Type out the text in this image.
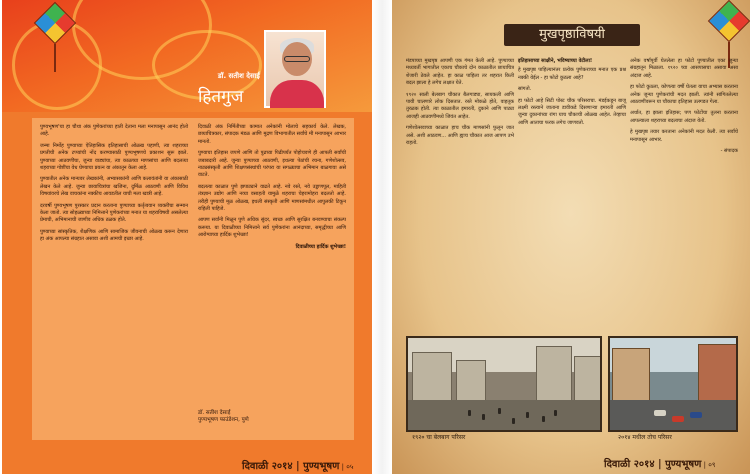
डॉ. सतीश देसाई
हितगुज

पुण्यभूषण'चा हा चौथा अंक पुणेकरांच्या हाती देताना मला मनापासून आनंद होतो आहे.

जन्मा निर्मोह पुण्याच्या ऐतिहासिक इतिहासाची ओळख पहाणी, त्या शहराच्या प्रगतीची अनेक टप्प्यांची नोंद करण्यासाठी पुण्यभूषणचे प्रकाशन सुरू झाले. पुण्याच्या आठवणींचा, जुन्या वाड्यांचा, त्या काळच्या माणसांचा आणि बदलत्या शहराच्या गोष्टींचा वेध घेण्याचा प्रयत्न या अंकातून केला आहे.

पुण्यातील अनेक मान्यवर लेखकांनी, अभ्यासकांनी आणि कलावंतांनी या अंकासाठी लेखन केले आहे. जुन्या छायाचित्रांचा खजिना, दुर्मिळ आठवणी आणि विविध विषयांवरचे लेख वाचकांना नक्कीच आवडतील याची मला खात्री आहे.

दरवर्षी पुण्यभूषण पुरस्कार प्रदान करताना पुण्याच्या कर्तृत्ववान व्यक्तींचा सन्मान केला जातो. त्या सोहळ्याच्या निमित्ताने पुणेकरांच्या मनात या शहराविषयी असलेल्या प्रेमाची, अभिमानाची जाणीव अधिक ठळक होते.

पुण्याच्या सांस्कृतिक, शैक्षणिक आणि सामाजिक जीवनाची ओळख करून देणारा हा अंक आपल्या संग्रहात असावा अशी आमची इच्छा आहे.

दिवाळी अंक निर्मितीच्या कामात अनेकांनी मोलाचे सहकार्य केले. लेखक, छायाचित्रकार, संपादक मंडळ आणि मुद्रण विभागातील सर्वांचे मी मनापासून आभार मानतो.

पुण्याचा इतिहास जपणे आणि तो पुढच्या पिढीपर्यंत पोहोचवणे ही आपली सर्वांची जबाबदारी आहे. जुन्या पुण्याच्या आठवणी, इथल्या पेठांची रचना, गणेशोत्सव, नाट्यसंस्कृती आणि शिक्षणसंस्थांची परंपरा या सगळ्याचा अभिमान बाळगावा असे वाटते.

बदलत्या काळात पुणे झपाट्याने वाढते आहे. नवे रस्ते, नवे उड्डाणपूल, माहिती तंत्रज्ञान उद्योग आणि नव्या वसाहती यामुळे शहराचा चेहरामोहरा बदलतो आहे. तरीही पुण्याची मूळ ओळख, इथली संस्कृती आणि माणसांमधील आपुलकी टिकून राहिली पाहिजे.

आपण सर्वांनी मिळून पुणे अधिक सुंदर, स्वच्छ आणि सुरक्षित बनवण्याचा संकल्प करूया. या दिवाळीच्या निमित्ताने सर्व पुणेकरांना आनंदाच्या, समृद्धीच्या आणि आरोग्याच्या हार्दिक शुभेच्छा!

दिवाळीच्या हार्दिक शुभेच्छा!

डॉ. सतीश देसाई
पुण्यभूषण फाउंडेशन, पुणे
दिवाळी २०१४ | पुण्यभूषण | ०५
मुखपृष्ठाविषयी

मंडपाच्या मुखपृष्ठ आपणी एक गंमत केली आहे. पुण्याच्या मध्यवर्ती भागातील एकाच चौकाचे दोन काळातील छायाचित्र शेजारी ठेवले आहेत. हा काळ पाहिला तर शहरात किती बदल झाला हे लगेच लक्षात येते.

१९२० साली बेलबाग चौकात बैलगाड्या, सायकली आणि पायी चालणारे लोक दिसतात. रस्ते मोकळे होते, वाहतूक तुरळक होती. त्या काळातील इमारती, दुकाने आणि पाट्या आजही आठवणींमध्ये जिवंत आहेत.

गणेशोत्सवाच्या काळात हाच चौक माणसांनी फुलून जात असे. अशी आठवण... आणि ह्याच चौकात आज आपण उभे राहतो.

इतिहासाच्या साक्षीने, भविष्याच्या वेटीला!

हे मुखपृष्ठ पाहिल्यानंतर प्रत्येक पुणेकराच्या मनात एक प्रश्न नक्की येईल - हा फोटो कुठला आहे?

सांगतो.

हा फोटो आहे सिटी पोस्ट चौक परिसराचा. मंडईकडून बाजू लक्ष्मी रस्त्याने जाताना डावीकडे दिसणाऱ्या इमारती आणि जुन्या दुकानांच्या रांगा याच चौकाची ओळख आहेत. तेव्हाचा आणि आताचा फरक लगेच जाणवतो.

अनेक वर्षांपूर्वी घेतलेला हा फोटो पुण्यातील एका जुन्या संग्रहातून मिळाला. १९२० च्या आसपासचा असावा असा अंदाज आहे.

हा फोटो कुठला, कोणत्या वर्षी घेतला याचा अभ्यास करताना अनेक जुन्या पुणेकरांची मदत झाली. त्यांनी सांगितलेल्या आठवणींवरून या चौकाचा इतिहास उलगडत गेला.

अर्थात, हा झाला इतिहास; पण फोटोंचा तुलना करताना आपल्याला शहराच्या बदलाचा अंदाज येतो.

हे मुखपृष्ठ तयार करताना अनेकांनी मदत केली. त्या सर्वांचे मनापासून आभार.

- संपादक

१९२० चा बेलबाग परिसर	२०१४ मधील तोच परिसर
दिवाळी २०१४ | पुण्यभूषण | ०९
